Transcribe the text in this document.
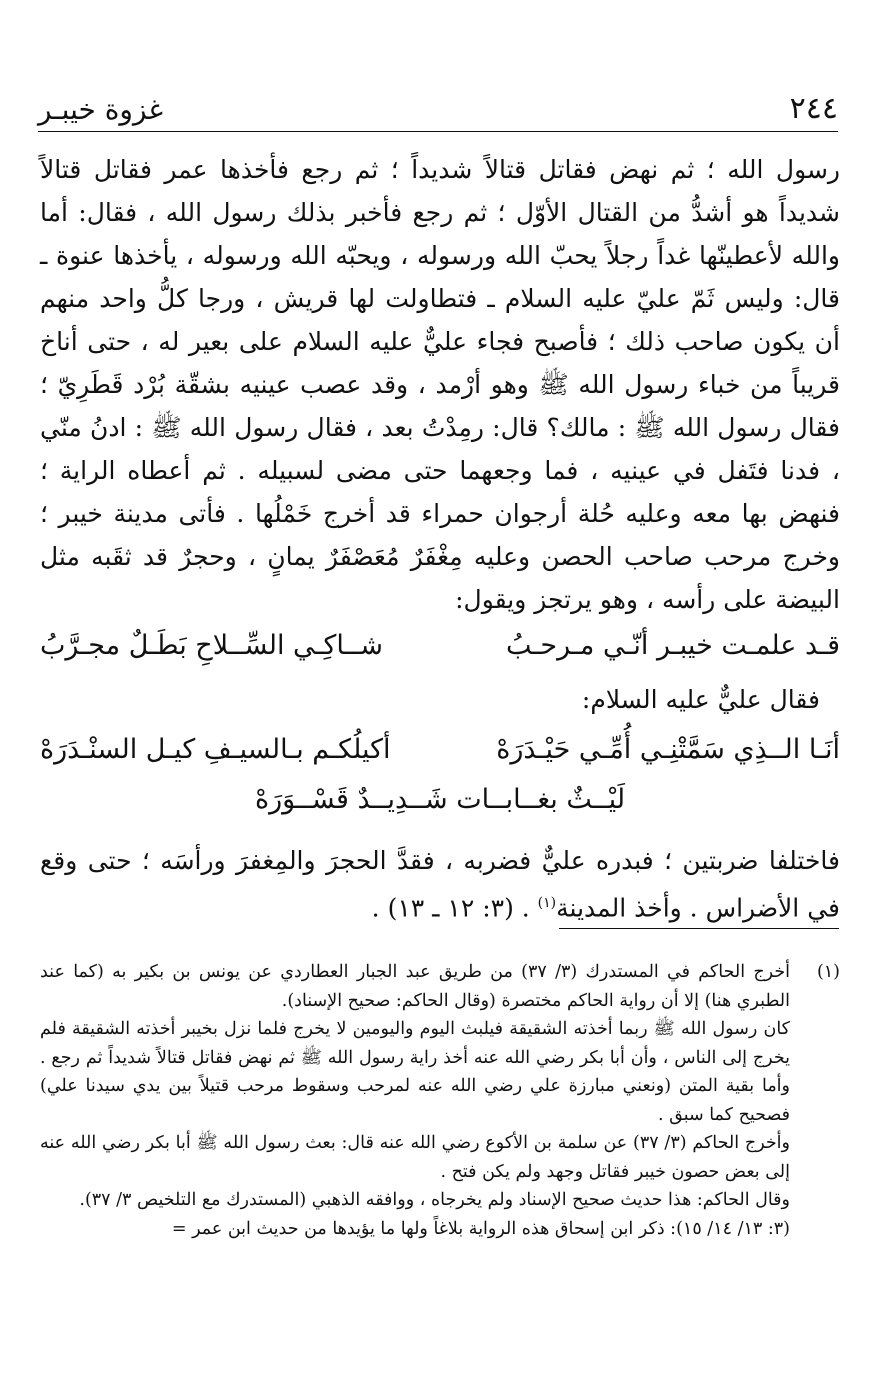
٢٤٤
غزوة خيبـر

رسول الله ؛ ثم نهض فقاتل قتالاً شديداً ؛ ثم رجع فأخذها عمر فقاتل قتالاً شديداً هو أشدُّ من القتال الأوّل ؛ ثم رجع فأخبر بذلك رسول الله ، فقال: أما والله لأعطينّها غداً رجلاً يحبّ الله ورسوله ، ويحبّه الله ورسوله ، يأخذها عنوة ـ قال: وليس ثَمّ عليّ عليه السلام ـ فتطاولت لها قريش ، ورجا كلُّ واحد منهم أن يكون صاحب ذلك ؛ فأصبح فجاء عليٌّ عليه السلام على بعير له ، حتى أناخ قريباً من خباء رسول الله ﷺ وهو أرْمد ، وقد عصب عينيه بشقّة بُرْد قَطَرِيّ ؛ فقال رسول الله ﷺ : مالك؟ قال: رمِدْتُ بعد ، فقال رسول الله ﷺ : ادنُ منّي ، فدنا فتَفل في عينيه ، فما وجعهما حتى مضى لسبيله . ثم أعطاه الراية ؛ فنهض بها معه وعليه حُلة أرجوان حمراء قد أخرج خَمْلُها . فأتى مدينة خيبر ؛ وخرج مرحب صاحب الحصن وعليه مِغْفَرٌ مُعَصْفَرٌ يمانٍ ، وحجرٌ قد ثقَبه مثل البيضة على رأسه ، وهو يرتجز ويقول:

قـد علمـت خيبـر أنّـي مـرحـبُ
شــاكِـي السِّــلاحِ بَطَـلٌ مجـرَّبُ
فقال عليٌّ عليه السلام:
أنَـا الــذِي سَمَّتْنِـي أُمِّـي حَيْـدَرَهْ
أكيلُكـم بـالسيـفِ كيـل السنْـدَرَهْ
لَيْــثٌ بغــابــات شَــدِيــدٌ قَسْــوَرَهْ

فاختلفا ضربتين ؛ فبدره عليٌّ فضربه ، فقدَّ الحجرَ والمِغفرَ ورأسَه ؛ حتى وقع في الأضراس . وأخذ المدينة$^{(١)}$ . (٣: ١٢ ـ ١٣) .

(١)

أخرج الحاكم في المستدرك (٣/ ٣٧) من طريق عبد الجبار العطاردي عن يونس بن بكير به (كما عند الطبري هنا) إلا أن رواية الحاكم مختصرة (وقال الحاكم: صحيح الإسناد).

كان رسول الله ﷺ ربما أخذته الشقيقة فيلبث اليوم واليومين لا يخرج فلما نزل بخيبر أخذته الشقيقة فلم يخرج إلى الناس ، وأن أبا بكر رضي الله عنه أخذ راية رسول الله ﷺ ثم نهض فقاتل قتالاً شديداً ثم رجع . وأما بقية المتن (ونعني مبارزة علي رضي الله عنه لمرحب وسقوط مرحب قتيلاً بين يدي سيدنا علي) فصحيح كما سبق .

وأخرج الحاكم (٣/ ٣٧) عن سلمة بن الأكوع رضي الله عنه قال: بعث رسول الله ﷺ أبا بكر رضي الله عنه إلى بعض حصون خيبر فقاتل وجهد ولم يكن فتح .

وقال الحاكم: هذا حديث صحيح الإسناد ولم يخرجاه ، ووافقه الذهبي (المستدرك مع التلخيص ٣/ ٣٧).

(٣: ١٣/ ١٤/ ١٥): ذكر ابن إسحاق هذه الرواية بلاغاً ولها ما يؤيدها من حديث ابن عمر =
